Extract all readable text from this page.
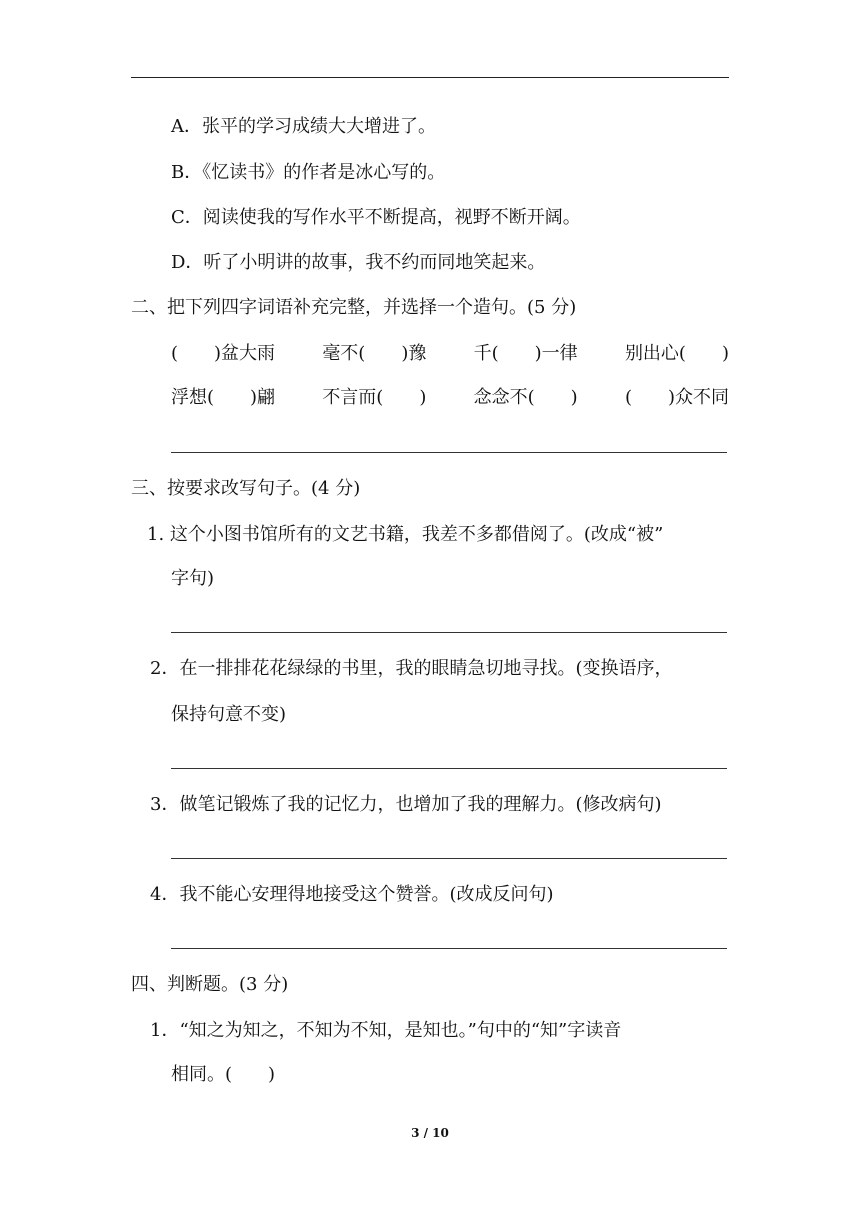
A．张平的学习成绩大大增进了。
B．《忆读书》的作者是冰心写的。
C．阅读使我的写作水平不断提高，视野不断开阔。
D．听了小明讲的故事，我不约而同地笑起来。
二、把下列四字词语补充完整，并选择一个造句。(5 分)
(　　)盆大雨	毫不(　　)豫	千(　　)一律	别出心(　　)
浮想(　　)翩	不言而(　　)	念念不(　　)	(　　)众不同
三、按要求改写句子。(4 分)
1. 这个小图书馆所有的文艺书籍，我差不多都借阅了。(改成“被”
字句)
2．在一排排花花绿绿的书里，我的眼睛急切地寻找。(变换语序，
保持句意不变)
3．做笔记锻炼了我的记忆力，也增加了我的理解力。(修改病句)
4．我不能心安理得地接受这个赞誉。(改成反问句)
四、判断题。(3 分)
1．“知之为知之，不知为不知，是知也。”句中的“知”字读音
相同。(　　)
3 / 10
